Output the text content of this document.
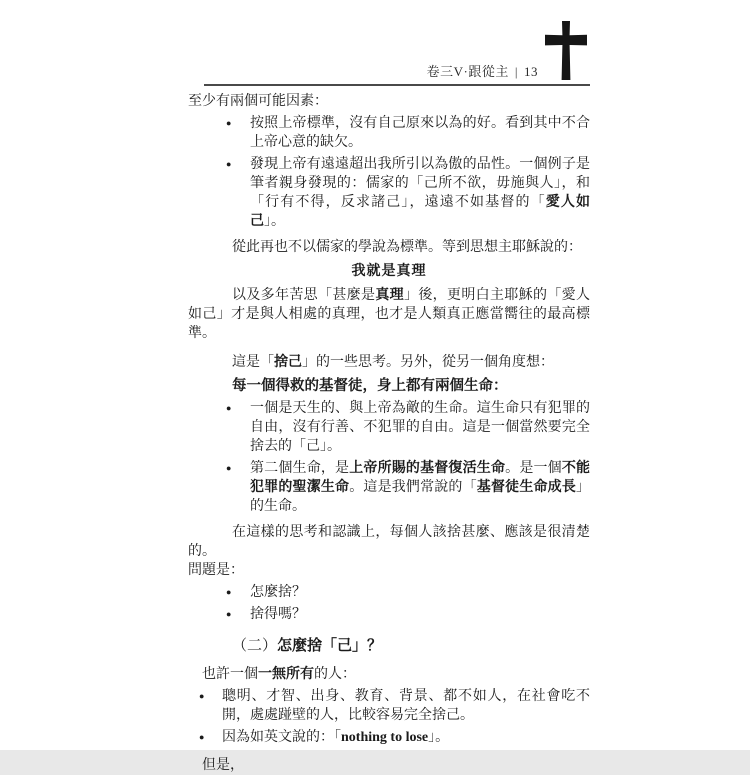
卷三V·跟從主 | 13

至少有兩個可能因素：

● 按照上帝標準，沒有自己原來以為的好。看到其中不合上帝心意的缺欠。
● 發現上帝有遠遠超出我所引以為傲的品性。一個例子是筆者親身發現的：儒家的「己所不欲，毋施與人」，和「行有不得，反求諸己」，遠遠不如基督的「愛人如己」。

從此再也不以儒家的學說為標準。等到思想主耶穌說的：

我就是真理

以及多年苦思「甚麼是真理」後，更明白主耶穌的「愛人如己」才是與人相處的真理，也才是人類真正應當嚮往的最高標準。

這是「捨己」的一些思考。另外，從另一個角度想：

每一個得救的基督徒，身上都有兩個生命：

● 一個是天生的、與上帝為敵的生命。這生命只有犯罪的自由，沒有行善、不犯罪的自由。這是一個當然要完全捨去的「己」。
● 第二個生命，是上帝所賜的基督復活生命。是一個不能犯罪的聖潔生命。這是我們常說的「基督徒生命成長」的生命。

在這樣的思考和認識上，每個人該捨甚麼、應該是很清楚的。

問題是：

● 怎麼捨？
● 捨得嗎？

（二）怎麼捨「己」？

也許一個一無所有的人：

● 聰明、才智、出身、教育、背景、都不如人，在社會吃不開，處處踫壁的人，比較容易完全捨己。
● 因為如英文說的：「nothing to lose」。

但是，
